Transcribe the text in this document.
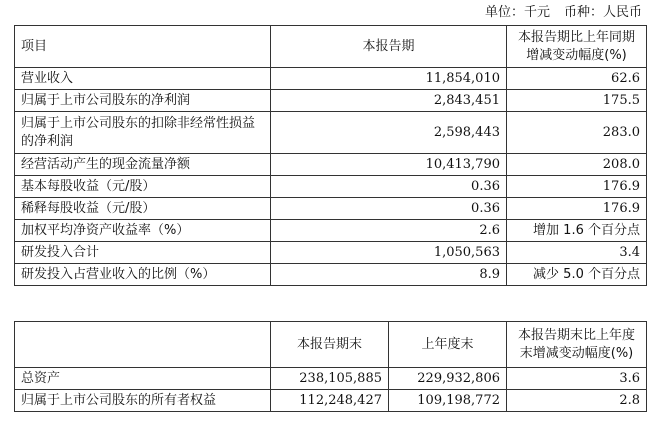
单位：千元 币种：人民币
项目	本报告期	本报告期比上年同期增减变动幅度(%)
营业收入	11,854,010	62.6
归属于上市公司股东的净利润	2,843,451	175.5
归属于上市公司股东的扣除非经常性损益的净利润	2,598,443	283.0
经营活动产生的现金流量净额	10,413,790	208.0
基本每股收益（元/股）	0.36	176.9
稀释每股收益（元/股）	0.36	176.9
加权平均净资产收益率（%）	2.6	增加 1.6 个百分点
研发投入合计	1,050,563	3.4
研发投入占营业收入的比例（%）	8.9	减少 5.0 个百分点
	本报告期末	上年度末	本报告期末比上年度末增减变动幅度(%)
总资产	238,105,885	229,932,806	3.6
归属于上市公司股东的所有者权益	112,248,427	109,198,772	2.8
